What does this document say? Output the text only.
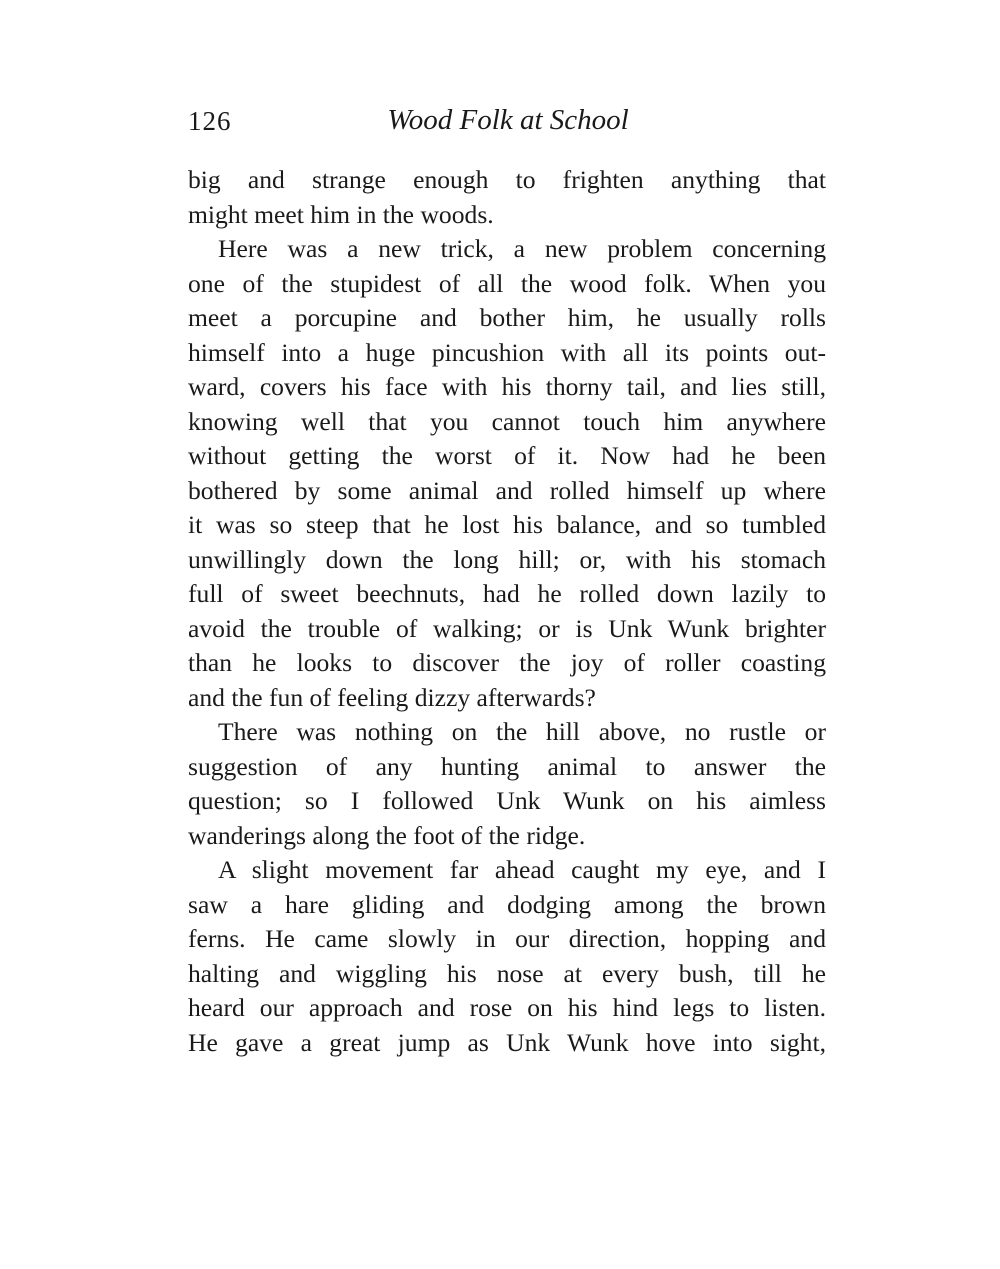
126	Wood Folk at School
big and strange enough to frighten anything that
might meet him in the woods.
Here was a new trick, a new problem concerning
one of the stupidest of all the wood folk. When you
meet a porcupine and bother him, he usually rolls
himself into a huge pincushion with all its points out-
ward, covers his face with his thorny tail, and lies still,
knowing well that you cannot touch him anywhere
without getting the worst of it. Now had he been
bothered by some animal and rolled himself up where
it was so steep that he lost his balance, and so tumbled
unwillingly down the long hill; or, with his stomach
full of sweet beechnuts, had he rolled down lazily to
avoid the trouble of walking; or is Unk Wunk brighter
than he looks to discover the joy of roller coasting
and the fun of feeling dizzy afterwards?
There was nothing on the hill above, no rustle or
suggestion of any hunting animal to answer the
question; so I followed Unk Wunk on his aimless
wanderings along the foot of the ridge.
A slight movement far ahead caught my eye, and I
saw a hare gliding and dodging among the brown
ferns. He came slowly in our direction, hopping and
halting and wiggling his nose at every bush, till he
heard our approach and rose on his hind legs to listen.
He gave a great jump as Unk Wunk hove into sight,
